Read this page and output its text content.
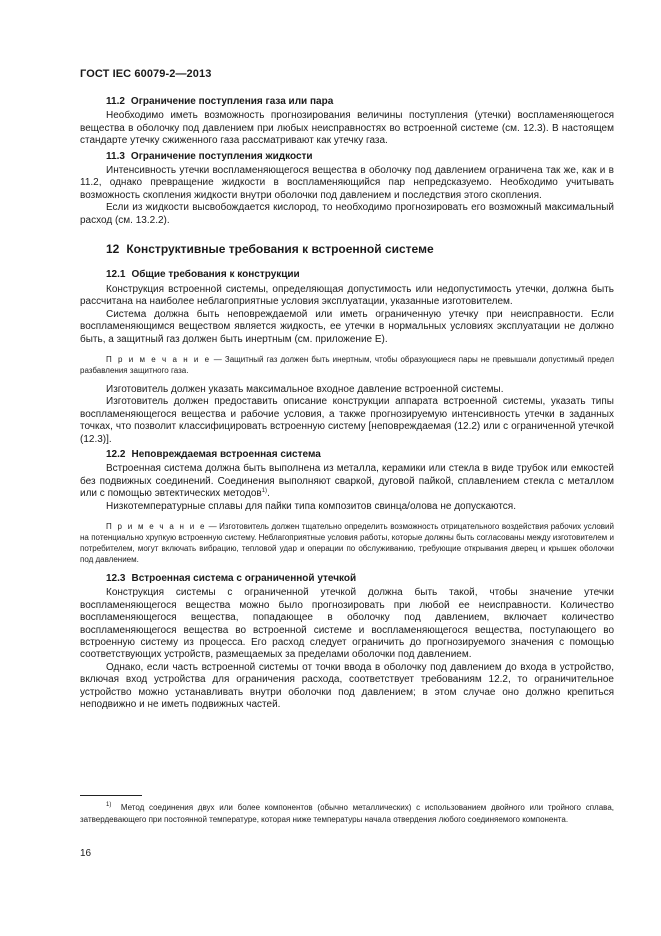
ГОСТ IEC 60079-2—2013
11.2 Ограничение поступления газа или пара

Необходимо иметь возможность прогнозирования величины поступления (утечки) воспламеняющегося вещества в оболочку под давлением при любых неисправностях во встроенной системе (см. 12.3). В настоящем стандарте утечку сжиженного газа рассматривают как утечку газа.

11.3 Ограничение поступления жидкости

Интенсивность утечки воспламеняющегося вещества в оболочку под давлением ограничена так же, как и в 11.2, однако превращение жидкости в воспламеняющийся пар непредсказуемо. Необходимо учитывать возможность скопления жидкости внутри оболочки под давлением и последствия этого скопления.

Если из жидкости высвобождается кислород, то необходимо прогнозировать его возможный максимальный расход (см. 13.2.2).

12 Конструктивные требования к встроенной системе
12.1 Общие требования к конструкции

Конструкция встроенной системы, определяющая допустимость или недопустимость утечки, должна быть рассчитана на наиболее неблагоприятные условия эксплуатации, указанные изготовителем.

Система должна быть неповреждаемой или иметь ограниченную утечку при неисправности. Если воспламеняющимся веществом является жидкость, ее утечки в нормальных условиях эксплуатации не должно быть, а защитный газ должен быть инертным (см. приложение Е).

П р и м е ч а н и е — Защитный газ должен быть инертным, чтобы образующиеся пары не превышали допустимый предел разбавления защитного газа.

Изготовитель должен указать максимальное входное давление встроенной системы.

Изготовитель должен предоставить описание конструкции аппарата встроенной системы, указать типы воспламеняющегося вещества и рабочие условия, а также прогнозируемую интенсивность утечки в заданных точках, что позволит классифицировать встроенную систему [неповреждаемая (12.2) или с ограниченной утечкой (12.3)].

12.2 Неповреждаемая встроенная система

Встроенная система должна быть выполнена из металла, керамики или стекла в виде трубок или емкостей без подвижных соединений. Соединения выполняют сваркой, дуговой пайкой, сплавлением стекла с металлом или с помощью эвтектических методов$^{1)}$.

Низкотемпературные сплавы для пайки типа композитов свинца/олова не допускаются.

П р и м е ч а н и е — Изготовитель должен тщательно определить возможность отрицательного воздействия рабочих условий на потенциально хрупкую встроенную систему. Неблагоприятные условия работы, которые должны быть согласованы между изготовителем и потребителем, могут включать вибрацию, тепловой удар и операции по обслуживанию, требующие открывания дверец и крышек оболочки под давлением.

12.3 Встроенная система с ограниченной утечкой

Конструкция системы с ограниченной утечкой должна быть такой, чтобы значение утечки воспламеняющегося вещества можно было прогнозировать при любой ее неисправности. Количество воспламеняющегося вещества, попадающее в оболочку под давлением, включает количество воспламеняющегося вещества во встроенной системе и воспламеняющегося вещества, поступающего во встроенную систему из процесса. Его расход следует ограничить до прогнозируемого значения с помощью соответствующих устройств, размещаемых за пределами оболочки под давлением.

Однако, если часть встроенной системы от точки ввода в оболочку под давлением до входа в устройство, включая вход устройства для ограничения расхода, соответствует требованиям 12.2, то ограничительное устройство можно устанавливать внутри оболочки под давлением; в этом случае оно должно крепиться неподвижно и не иметь подвижных частей.

$^{1)}$ Метод соединения двух или более компонентов (обычно металлических) с использованием двойного или тройного сплава, затвердевающего при постоянной температуре, которая ниже температуры начала отвердения любого соединяемого компонента.
16
